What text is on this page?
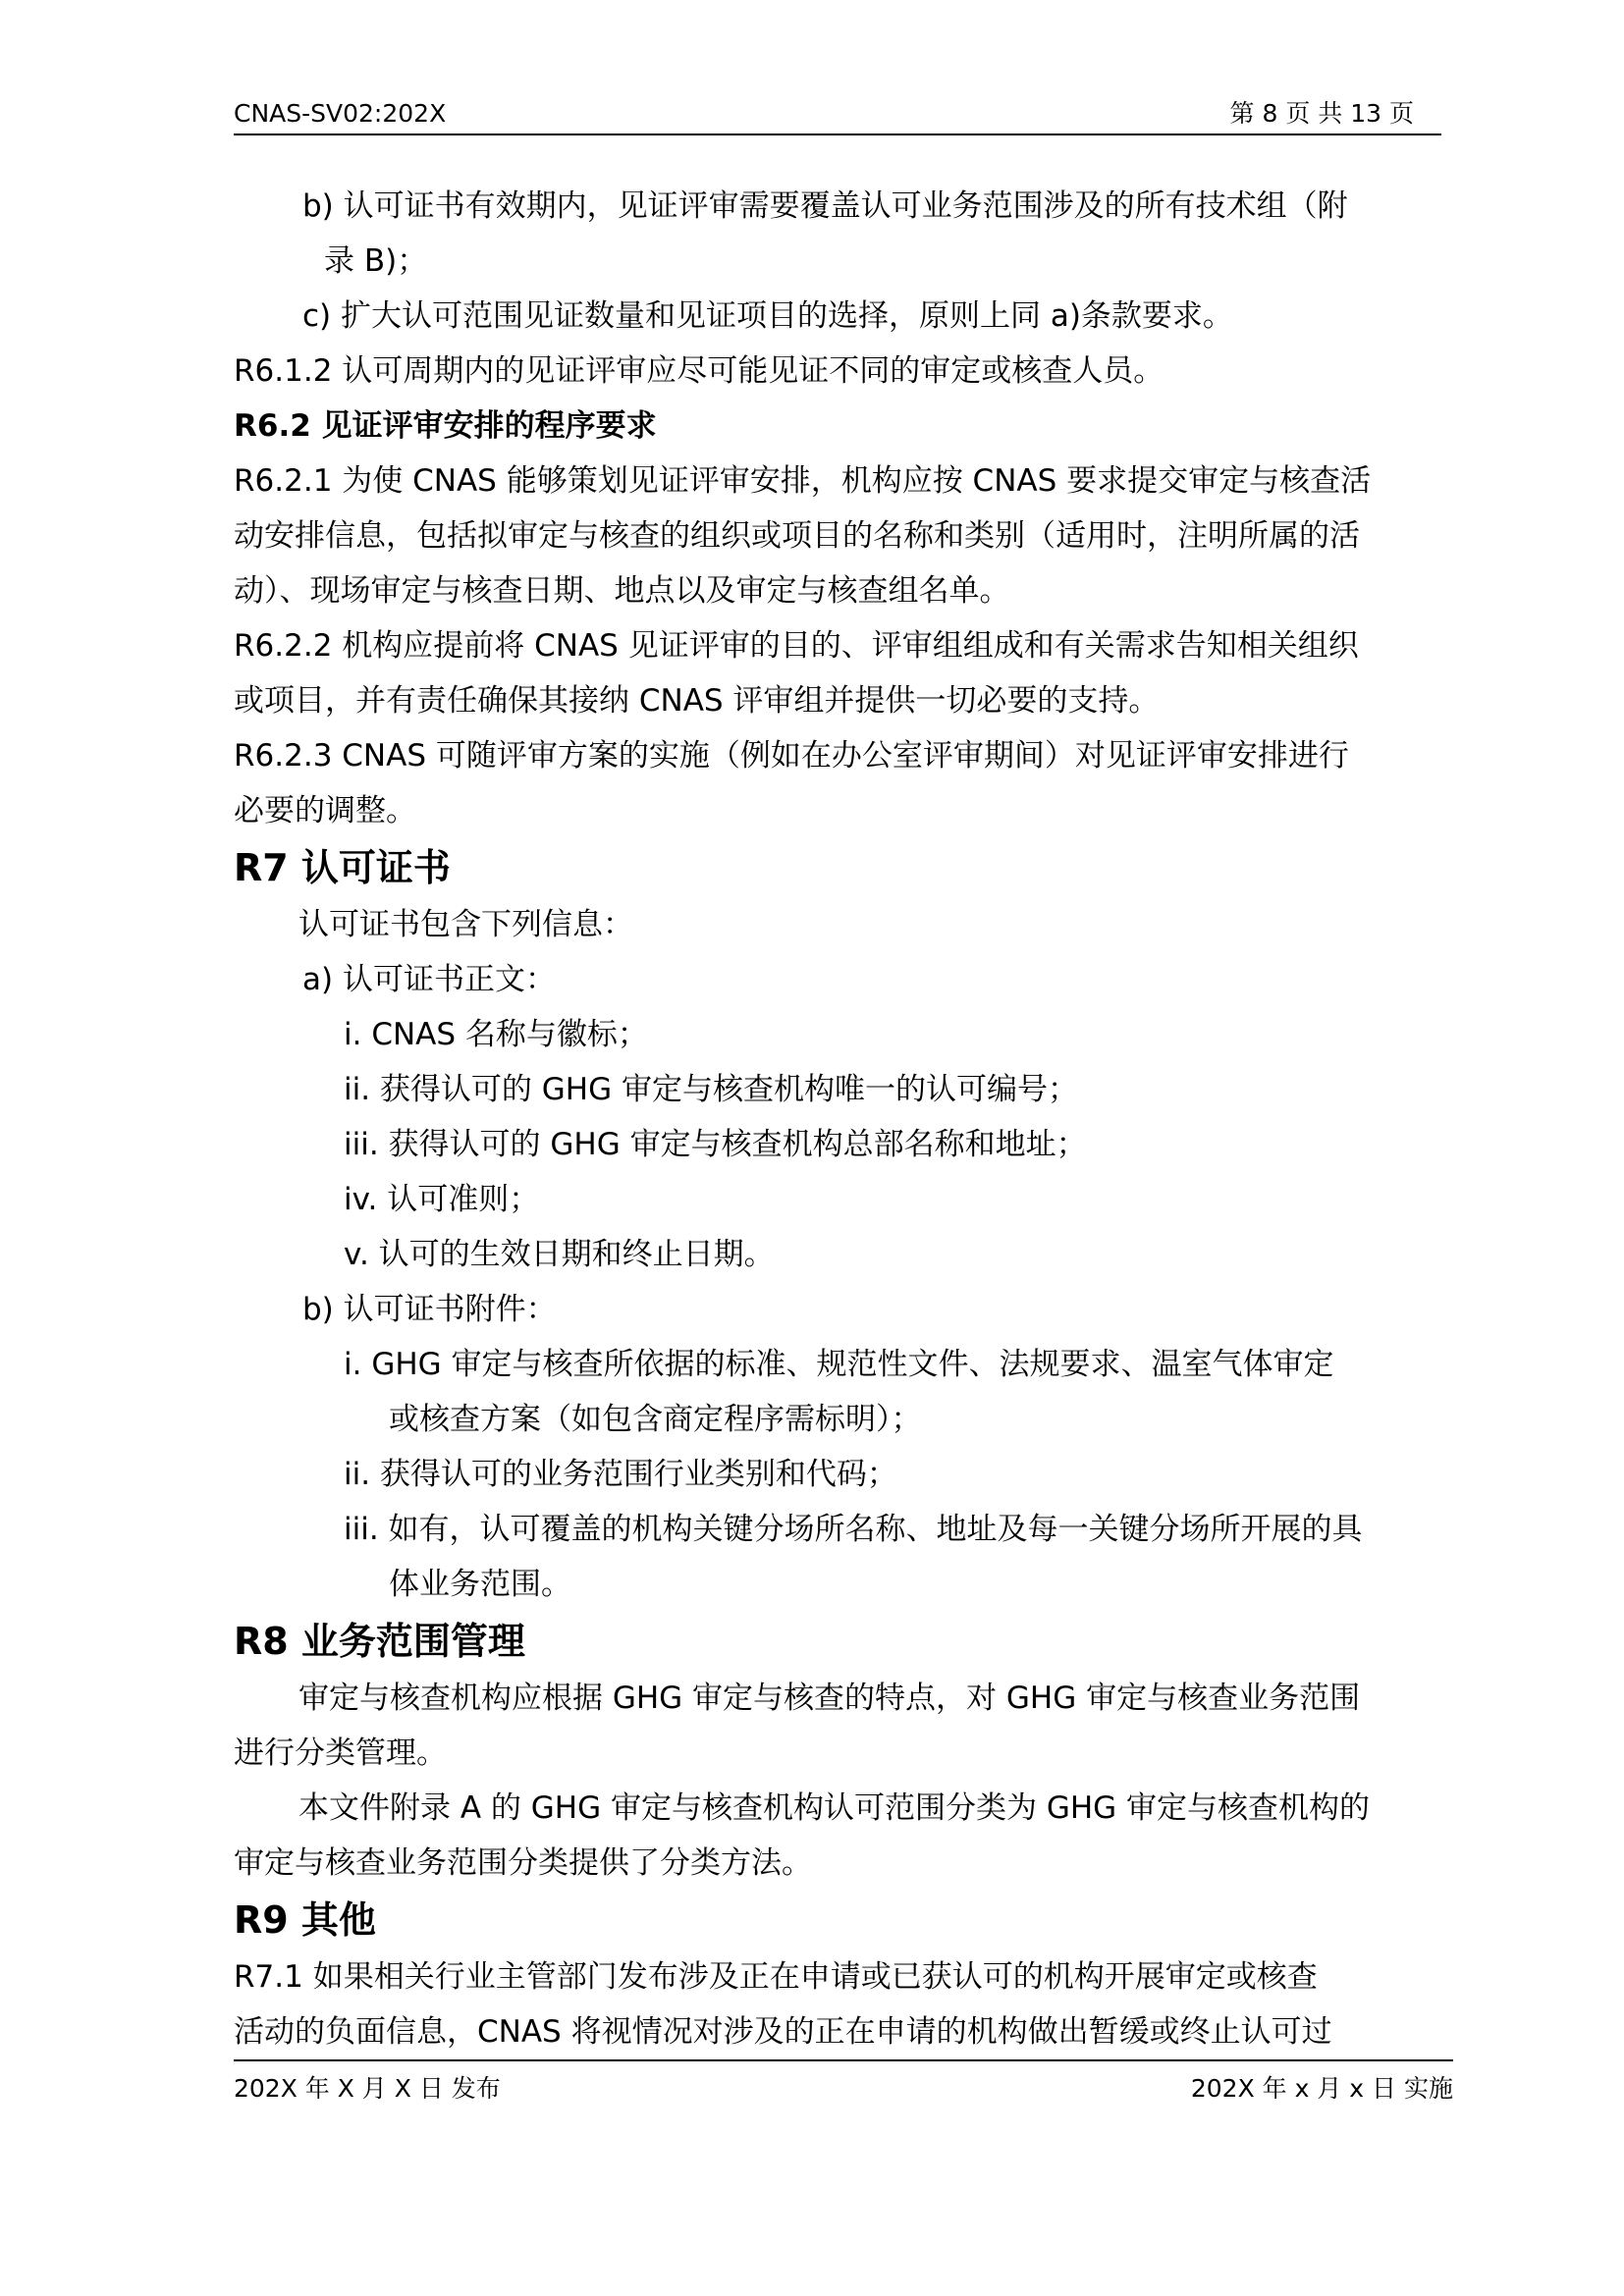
CNAS-SV02:202X	第 8 页 共 13 页

b) 认可证书有效期内，见证评审需要覆盖认可业务范围涉及的所有技术组（附

录 B)；

c) 扩大认可范围见证数量和见证项目的选择，原则上同 a)条款要求。

R6.1.2 认可周期内的见证评审应尽可能见证不同的审定或核查人员。

R6.2 见证评审安排的程序要求

R6.2.1 为使 CNAS 能够策划见证评审安排，机构应按 CNAS 要求提交审定与核查活

动安排信息，包括拟审定与核查的组织或项目的名称和类别（适用时，注明所属的活

动）、现场审定与核查日期、地点以及审定与核查组名单。

R6.2.2 机构应提前将 CNAS 见证评审的目的、评审组组成和有关需求告知相关组织

或项目，并有责任确保其接纳 CNAS 评审组并提供一切必要的支持。

R6.2.3 CNAS 可随评审方案的实施（例如在办公室评审期间）对见证评审安排进行

必要的调整。

R7 认可证书

认可证书包含下列信息：

a) 认可证书正文：

i. CNAS 名称与徽标；

ii. 获得认可的 GHG 审定与核查机构唯一的认可编号；

iii. 获得认可的 GHG 审定与核查机构总部名称和地址；

iv. 认可准则；

v. 认可的生效日期和终止日期。

b) 认可证书附件：

i. GHG 审定与核查所依据的标准、规范性文件、法规要求、温室气体审定

或核查方案（如包含商定程序需标明）；

ii. 获得认可的业务范围行业类别和代码；

iii. 如有，认可覆盖的机构关键分场所名称、地址及每一关键分场所开展的具

体业务范围。

R8 业务范围管理

审定与核查机构应根据 GHG 审定与核查的特点，对 GHG 审定与核查业务范围

进行分类管理。

本文件附录 A 的 GHG 审定与核查机构认可范围分类为 GHG 审定与核查机构的

审定与核查业务范围分类提供了分类方法。

R9 其他

R7.1 如果相关行业主管部门发布涉及正在申请或已获认可的机构开展审定或核查

活动的负面信息，CNAS 将视情况对涉及的正在申请的机构做出暂缓或终止认可过

202X 年 X 月 X 日 发布	202X 年 x 月 x 日 实施
